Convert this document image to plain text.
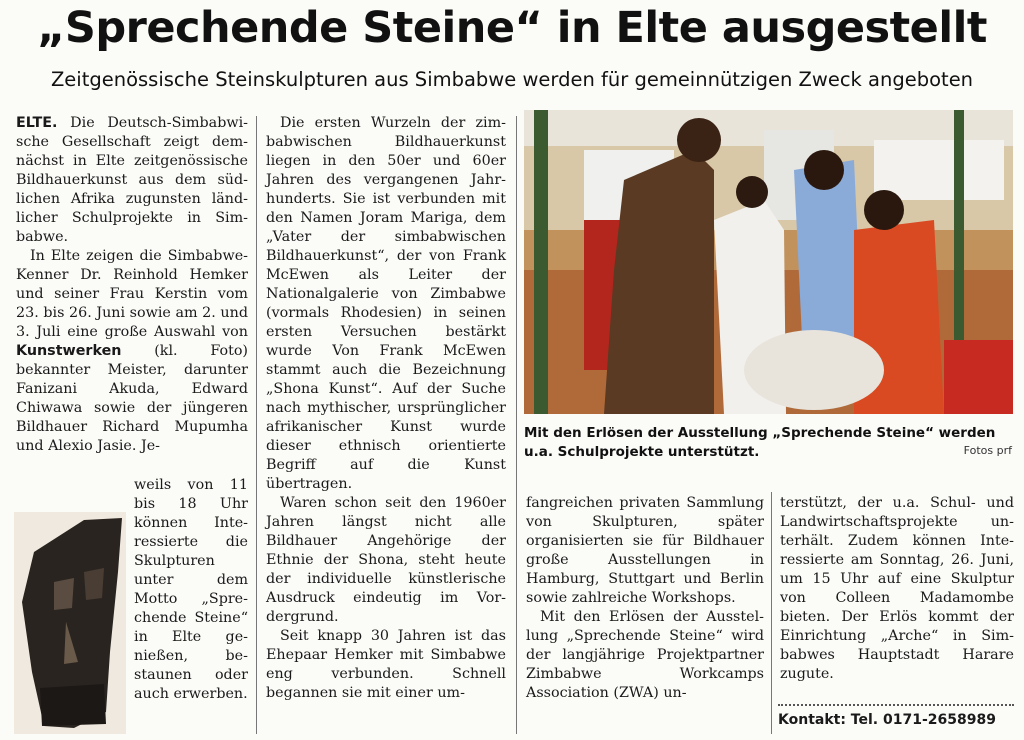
„Sprechende Steine“ in Elte ausgestellt
Zeitgenössische Steinskulpturen aus Simbabwe werden für gemeinnützigen Zweck angeboten

ELTE. Die Deutsch-Simbabwische Gesellschaft zeigt demnächst in Elte zeitgenössische Bildhauerkunst aus dem südlichen Afrika zugunsten ländlicher Schulprojekte in Simbabwe.

In Elte zeigen die Simbabwe-Kenner Dr. Reinhold Hemker und seiner Frau Kerstin vom 23. bis 26. Juni sowie am 2. und 3. Juli eine große Auswahl von Kunstwerken (kl. Foto) bekannter Meister, darunter Fanizani Akuda, Edward Chiwawa sowie der jüngeren Bildhauer Richard Mupumha und Alexio Jasie. Je-

weils von 11 bis 18 Uhr können Interessierte die Skulpturen unter dem Motto „Sprechende Steine“ in Elte genießen, bestaunen oder auch erwerben.

Die ersten Wurzeln der zimbabwischen Bildhauerkunst liegen in den 50er und 60er Jahren des vergangenen Jahrhunderts. Sie ist verbunden mit den Namen Joram Mariga, dem „Vater der simbabwischen Bildhauerkunst“, der von Frank McEwen als Leiter der Nationalgalerie von Zimbabwe (vormals Rhodesien) in seinen ersten Versuchen bestärkt wurde Von Frank McEwen stammt auch die Bezeichnung „Shona Kunst“. Auf der Suche nach mythischer, ursprünglicher afrikanischer Kunst wurde dieser ethnisch orientierte Begriff auf die Kunst übertragen.

Waren schon seit den 1960er Jahren längst nicht alle Bildhauer Angehörige der Ethnie der Shona, steht heute der individuelle künstlerische Ausdruck eindeutig im Vordergrund.

Seit knapp 30 Jahren ist das Ehepaar Hemker mit Simbabwe eng verbunden. Schnell begannen sie mit einer um-

Mit den Erlösen der Ausstellung „Sprechende Steine“ werden u.a. Schulprojekte unterstützt.	Fotos prf

fangreichen privaten Sammlung von Skulpturen, später organisierten sie für Bildhauer große Ausstellungen in Hamburg, Stuttgart und Berlin sowie zahlreiche Workshops.

Mit den Erlösen der Ausstellung „Sprechende Steine“ wird der langjährige Projektpartner Zimbabwe Workcamps Association (ZWA) un-

terstützt, der u.a. Schul- und Landwirtschaftsprojekte unterhält. Zudem können Interessierte am Sonntag, 26. Juni, um 15 Uhr auf eine Skulptur von Colleen Madamombe bieten. Der Erlös kommt der Einrichtung „Arche“ in Simbabwes Hauptstadt Harare zugute.

Kontakt: Tel. 0171-2658989
